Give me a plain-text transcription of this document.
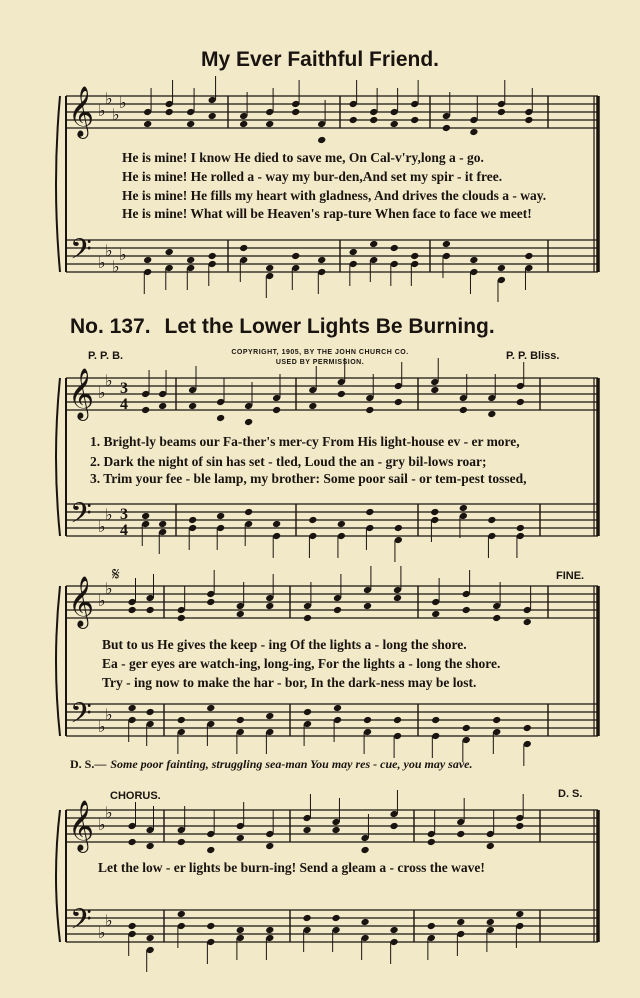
𝄞
𝄢
♭
♭
♭
♭
♭
♭
♭
♭
𝄞
𝄢
♭
♭
♭
♭
3
4
3
4
𝄞
𝄢
♭
♭
♭
♭
𝄞
𝄢
♭
♭
♭
♭
𝄋
My Ever Faithful Friend.
He is mine! I know He died to save me, On Cal-v'ry,long a - go.
He is mine! He rolled a - way my bur-den,And set my spir - it free.
He is mine! He fills my heart with gladness, And drives the clouds a - way.
He is mine! What will be Heaven's rap-ture When face to face we meet!
No. 137. Let the Lower Lights Be Burning.
P. P. B.	P. P. Bliss.
COPYRIGHT, 1905, BY THE JOHN CHURCH CO.
USED BY PERMISSION.
1. Bright-ly beams our Fa-ther's mer-cy From His light-house ev - er more,
2. Dark the night of sin has set - tled, Loud the an - gry bil-lows roar;
3. Trim your fee - ble lamp, my brother: Some poor sail - or tem-pest tossed,
FINE.
But to us He gives the keep - ing Of the lights a - long the shore.
Ea - ger eyes are watch-ing, long-ing, For the lights a - long the shore.
Try - ing now to make the har - bor, In the dark-ness may be lost.
D. S.— Some poor fainting, struggling sea-man You may res - cue, you may save.
CHORUS.	D. S.
Let the low - er lights be burn-ing! Send a gleam a - cross the wave!
